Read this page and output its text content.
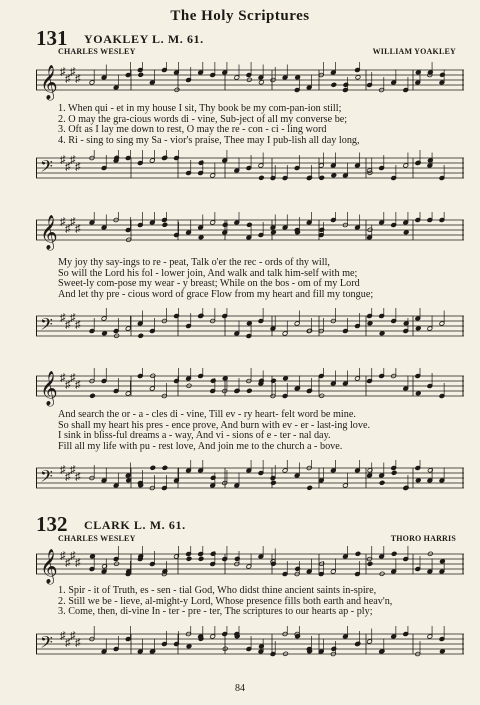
The Holy Scriptures
131 YOAKLEY L. M. 61.
CHARLES WESLEY	WILLIAM YOAKLEY
𝄞 ♯
♯
♯
♯
1. When qui - et in my house I sit, Thy book be my com-pan-ion still;
2. O may the gra-cious words di - vine, Sub-ject of all my converse be;
3. Oft as I lay me down to rest, O may the re - con - ci - ling word
4. Ri - sing to sing my Sa - vior's praise, Thee may I pub-lish all day long,
𝄢 ♯
♯
♯
♯
𝄞 ♯
♯
♯
♯
My joy thy say-ings to re - peat, Talk o'er the rec - ords of thy will,
So will the Lord his fol - lower join, And walk and talk him-self with me;
Sweet-ly com-pose my wear - y breast; While on the bos - om of my Lord
And let thy pre - cious word of grace Flow from my heart and fill my tongue;
𝄢 ♯
♯
♯
♯
𝄞 ♯
♯
♯
♯
And search the or - a - cles di - vine, Till ev - ry heart- felt word be mine.
So shall my heart his pres - ence prove, And burn with ev - er - last-ing love.
I sink in bliss-ful dreams a - way, And vi - sions of e - ter - nal day.
Fill all my life with pu - rest love, And join me to the church a - bove.
𝄢 ♯
♯
♯
♯
132 CLARK L. M. 61.
CHARLES WESLEY	THORO HARRIS
𝄞 ♯
♯
♯
♯
1. Spir - it of Truth, es - sen - tial God, Who didst thine ancient saints in-spire,
2. Still we be - lieve, al-might-y Lord, Whose presence fills both earth and heav'n,
3. Come, then, di-vine In - ter - pre - ter, The scriptures to our hearts ap - ply;
𝄢 ♯
♯
♯
♯
84
